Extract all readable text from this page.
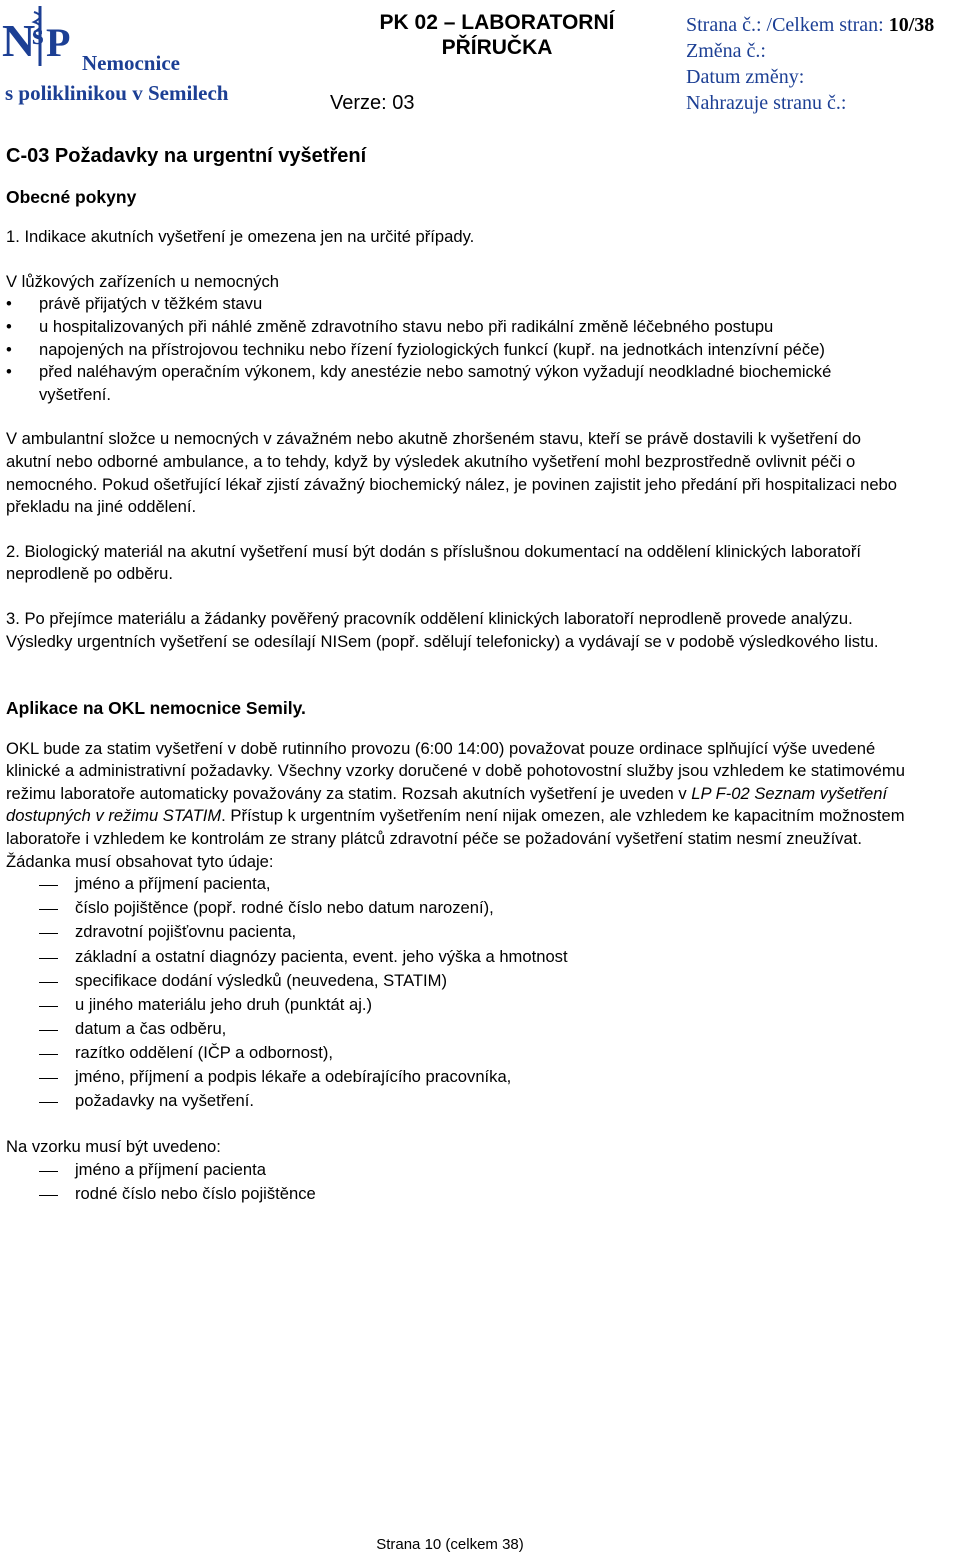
N
s P Nemocnice
s poliklinikou v Semilech
PK 02 – LABORATORNÍ PŘÍRUČKA
Verze: 03
Strana č.: /Celkem stran: 10/38
Změna č.:
Datum změny:
Nahrazuje stranu č.:
C-03 Požadavky na urgentní vyšetření
Obecné pokyny

1. Indikace akutních vyšetření je omezena jen na určité případy.

V lůžkových zařízeních u nemocných

• právě přijatých v těžkém stavu
• u hospitalizovaných při náhlé změně zdravotního stavu nebo při radikální změně léčebného postupu
• napojených na přístrojovou techniku nebo řízení fyziologických funkcí (kupř. na jednotkách intenzívní péče)
• před naléhavým operačním výkonem, kdy anestézie nebo samotný výkon vyžadují neodkladné biochemické vyšetření.

V ambulantní složce u nemocných v závažném nebo akutně zhoršeném stavu, kteří se právě dostavili k vyšetření do akutní nebo odborné ambulance, a to tehdy, když by výsledek akutního vyšetření mohl bezprostředně ovlivnit péči o nemocného. Pokud ošetřující lékař zjistí závažný biochemický nález, je povinen zajistit jeho předání při hospitalizaci nebo překladu na jiné oddělení.

2. Biologický materiál na akutní vyšetření musí být dodán s příslušnou dokumentací na oddělení klinických laboratoří neprodleně po odběru.

3. Po přejímce materiálu a žádanky pověřený pracovník oddělení klinických laboratoří neprodleně provede analýzu. Výsledky urgentních vyšetření se odesílají NISem (popř. sdělují telefonicky) a vydávají se v podobě výsledkového listu.

Aplikace na OKL nemocnice Semily.

OKL bude za statim vyšetření v době rutinního provozu (6:00 14:00) považovat pouze ordinace splňující výše uvedené klinické a administrativní požadavky. Všechny vzorky doručené v době pohotovostní služby jsou vzhledem ke statimovému režimu laboratoře automaticky považovány za statim. Rozsah akutních vyšetření je uveden v LP F-02 Seznam vyšetření dostupných v režimu STATIM. Přístup k urgentním vyšetřením není nijak omezen, ale vzhledem ke kapacitním možnostem laboratoře i vzhledem ke kontrolám ze strany plátců zdravotní péče se požadování vyšetření statim nesmí zneužívat.

Žádanka musí obsahovat tyto údaje:

jméno a příjmení pacienta,
číslo pojištěnce (popř. rodné číslo nebo datum narození),
zdravotní pojišťovnu pacienta,
základní a ostatní diagnózy pacienta, event. jeho výška a hmotnost
specifikace dodání výsledků (neuvedena, STATIM)
u jiného materiálu jeho druh (punktát aj.)
datum a čas odběru,
razítko oddělení (IČP a odbornost),
jméno, příjmení a podpis lékaře a odebírajícího pracovníka,
požadavky na vyšetření.

Na vzorku musí být uvedeno:

jméno a příjmení pacienta
rodné číslo nebo číslo pojištěnce
Strana 10 (celkem 38)
